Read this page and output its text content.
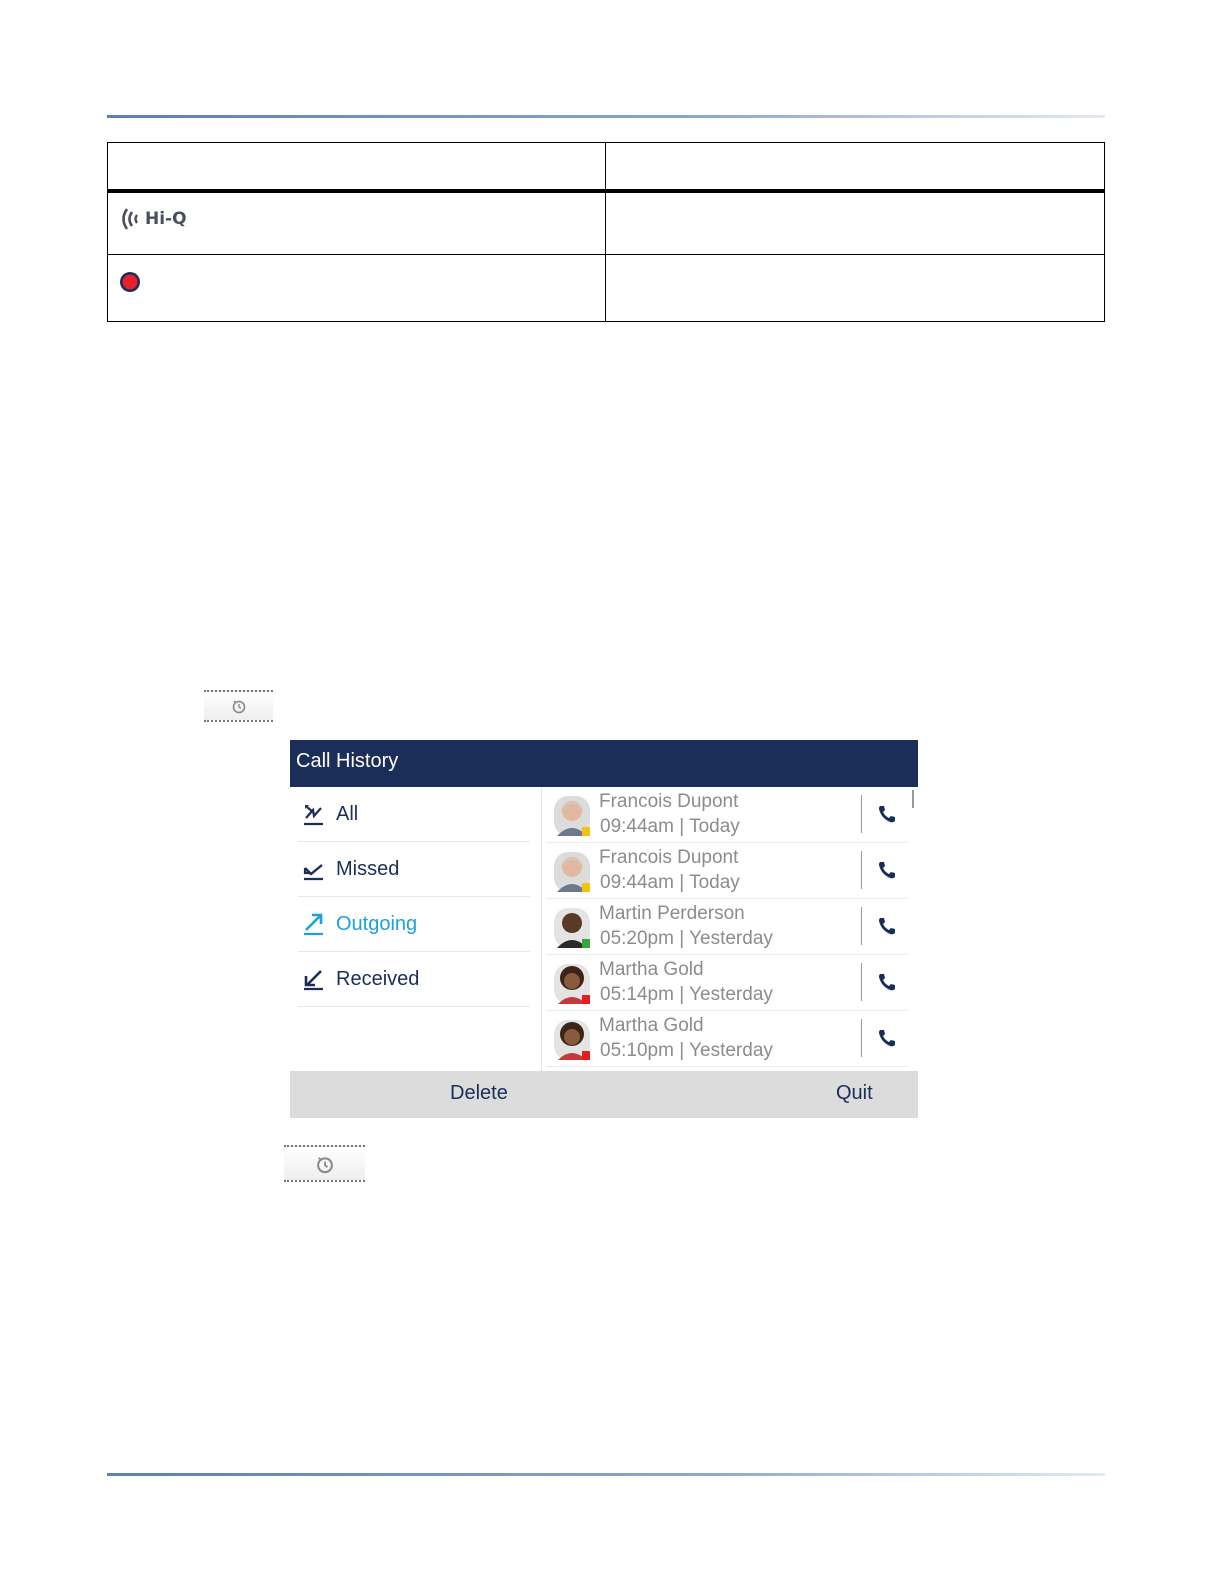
Hi-Q
Call History
All
Missed
Outgoing
Received
Francois Dupont
09:44am | Today
Francois Dupont
09:44am | Today
Martin Perderson
05:20pm | Yesterday
Martha Gold
05:14pm | Yesterday
Martha Gold
05:10pm | Yesterday
Delete	Quit
